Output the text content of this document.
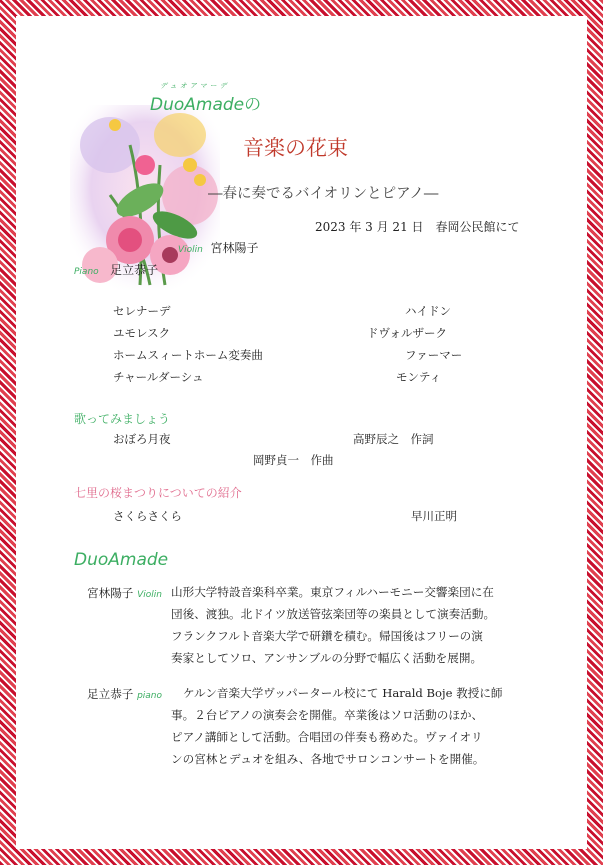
デュオアマーデ
DuoAmadeの
音楽の花束
―春に奏でるバイオリンとピアノ―
2023 年 3 月 21 日　春岡公民館にて
Violin 宮林陽子
Piano 足立恭子
セレナーデ	ハイドン
ユモレスク	ドヴォルザーク
ホームスィートホーム変奏曲	ファーマー
チャールダーシュ	モンティ
歌ってみましょう
おぼろ月夜	高野辰之　作詞
岡野貞一　作曲
七里の桜まつりについての紹介
さくらさくら	早川正明
DuoAmade
宮林陽子 Violin 山形大学特設音楽科卒業。東京フィルハーモニー交響楽団に在
団後、渡独。北ドイツ放送管弦楽団等の楽員として演奏活動。
フランクフルト音楽大学で研鑽を積む。帰国後はフリーの演
奏家としてソロ、アンサンブルの分野で幅広く活動を展開。
足立恭子 piano ケルン音楽大学ヴッパータール校にて Harald Boje 教授に師
事。２台ピアノの演奏会を開催。卒業後はソロ活動のほか、
ピアノ講師として活動。合唱団の伴奏も務めた。ヴァイオリ
ンの宮林とデュオを組み、各地でサロンコンサートを開催。
